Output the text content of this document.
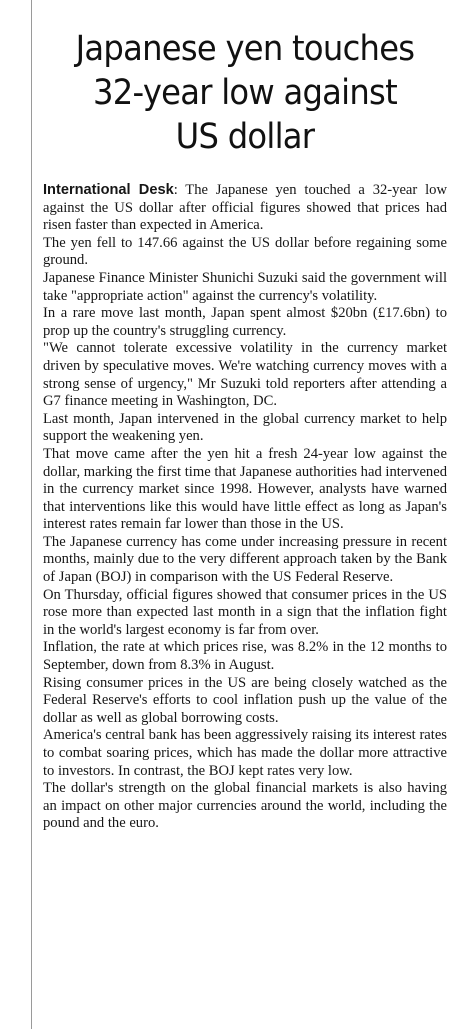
Japanese yen touches
32-year low against
US dollar

International Desk: The Japanese yen touched a 32-year low against the US dollar after official figures showed that prices had risen faster than expected in America.

The yen fell to 147.66 against the US dollar before regaining some ground.

Japanese Finance Minister Shunichi Suzuki said the government will take "appropriate action" against the currency's volatility.

In a rare move last month, Japan spent almost $20bn (£17.6bn) to prop up the country's struggling currency.

"We cannot tolerate excessive volatility in the currency market driven by speculative moves. We're watching currency moves with a strong sense of urgency," Mr Suzuki told reporters after attending a G7 finance meeting in Washington, DC.

Last month, Japan intervened in the global currency market to help support the weakening yen.

That move came after the yen hit a fresh 24-year low against the dollar, marking the first time that Japanese authorities had intervened in the currency market since 1998. However, analysts have warned that interventions like this would have little effect as long as Japan's interest rates remain far lower than those in the US.

The Japanese currency has come under increasing pressure in recent months, mainly due to the very different approach taken by the Bank of Japan (BOJ) in comparison with the US Federal Reserve.

On Thursday, official figures showed that consumer prices in the US rose more than expected last month in a sign that the inflation fight in the world's largest economy is far from over.

Inflation, the rate at which prices rise, was 8.2% in the 12 months to September, down from 8.3% in August.

Rising consumer prices in the US are being closely watched as the Federal Reserve's efforts to cool inflation push up the value of the dollar as well as global borrowing costs.

America's central bank has been aggressively raising its interest rates to combat soaring prices, which has made the dollar more attractive to investors. In contrast, the BOJ kept rates very low.

The dollar's strength on the global financial markets is also having an impact on other major currencies around the world, including the pound and the euro.
